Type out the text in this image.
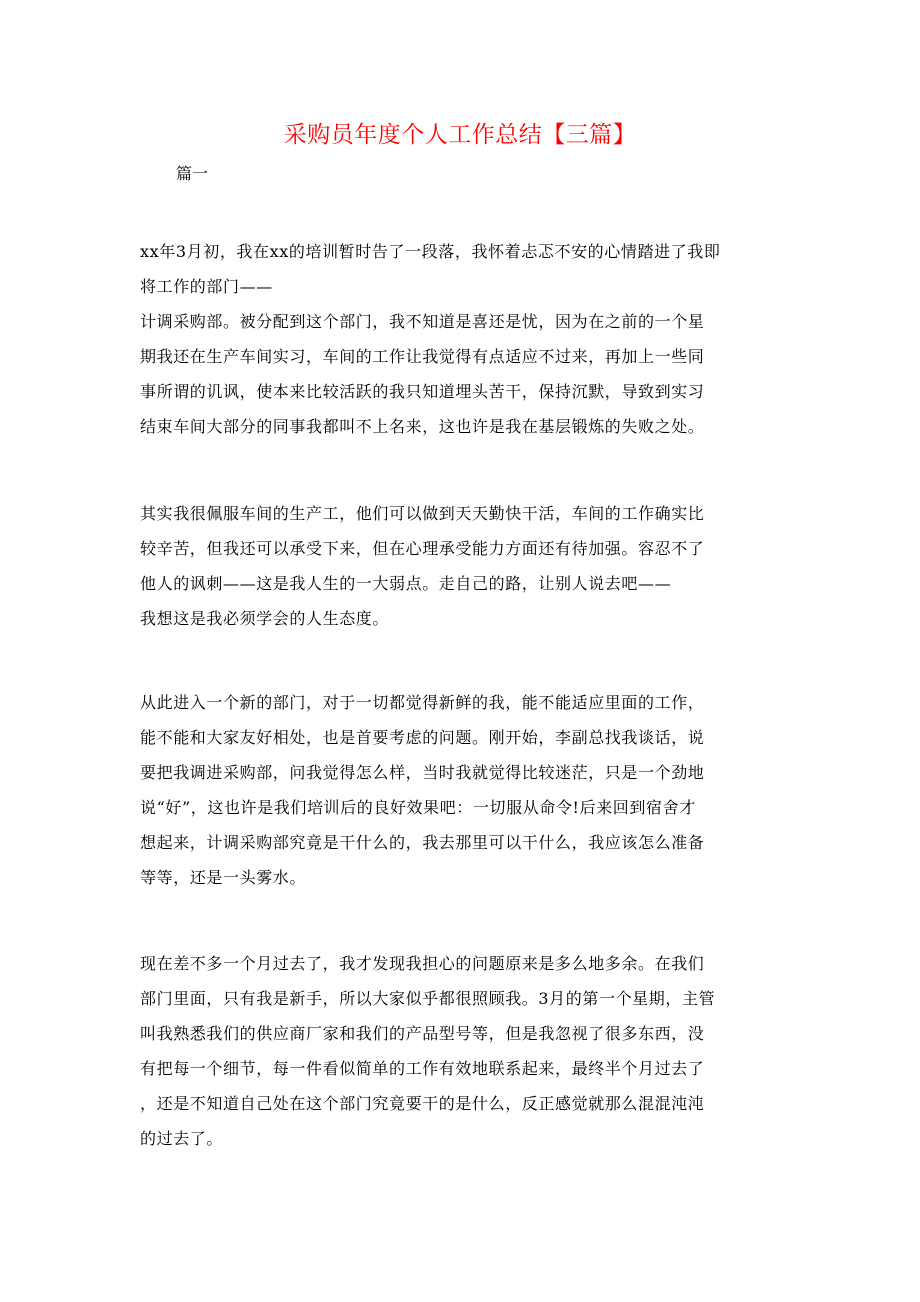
采购员年度个人工作总结【三篇】
篇一
xx年3月初，我在xx的培训暂时告了一段落，我怀着忐忑不安的心情踏进了我即
将工作的部门——
计调采购部。被分配到这个部门，我不知道是喜还是忧，因为在之前的一个星
期我还在生产车间实习，车间的工作让我觉得有点适应不过来，再加上一些同
事所谓的讥讽，使本来比较活跃的我只知道埋头苦干，保持沉默，导致到实习
结束车间大部分的同事我都叫不上名来，这也许是我在基层锻炼的失败之处。
其实我很佩服车间的生产工，他们可以做到天天勤快干活，车间的工作确实比
较辛苦，但我还可以承受下来，但在心理承受能力方面还有待加强。容忍不了
他人的讽刺——这是我人生的一大弱点。走自己的路，让别人说去吧——
我想这是我必须学会的人生态度。
从此进入一个新的部门，对于一切都觉得新鲜的我，能不能适应里面的工作，
能不能和大家友好相处，也是首要考虑的问题。刚开始，李副总找我谈话，说
要把我调进采购部，问我觉得怎么样，当时我就觉得比较迷茫，只是一个劲地
说“好”，这也许是我们培训后的良好效果吧：一切服从命令!后来回到宿舍才
想起来，计调采购部究竟是干什么的，我去那里可以干什么，我应该怎么准备
等等，还是一头雾水。
现在差不多一个月过去了，我才发现我担心的问题原来是多么地多余。在我们
部门里面，只有我是新手，所以大家似乎都很照顾我。3月的第一个星期，主管
叫我熟悉我们的供应商厂家和我们的产品型号等，但是我忽视了很多东西，没
有把每一个细节，每一件看似简单的工作有效地联系起来，最终半个月过去了
，还是不知道自己处在这个部门究竟要干的是什么，反正感觉就那么混混沌沌
的过去了。
